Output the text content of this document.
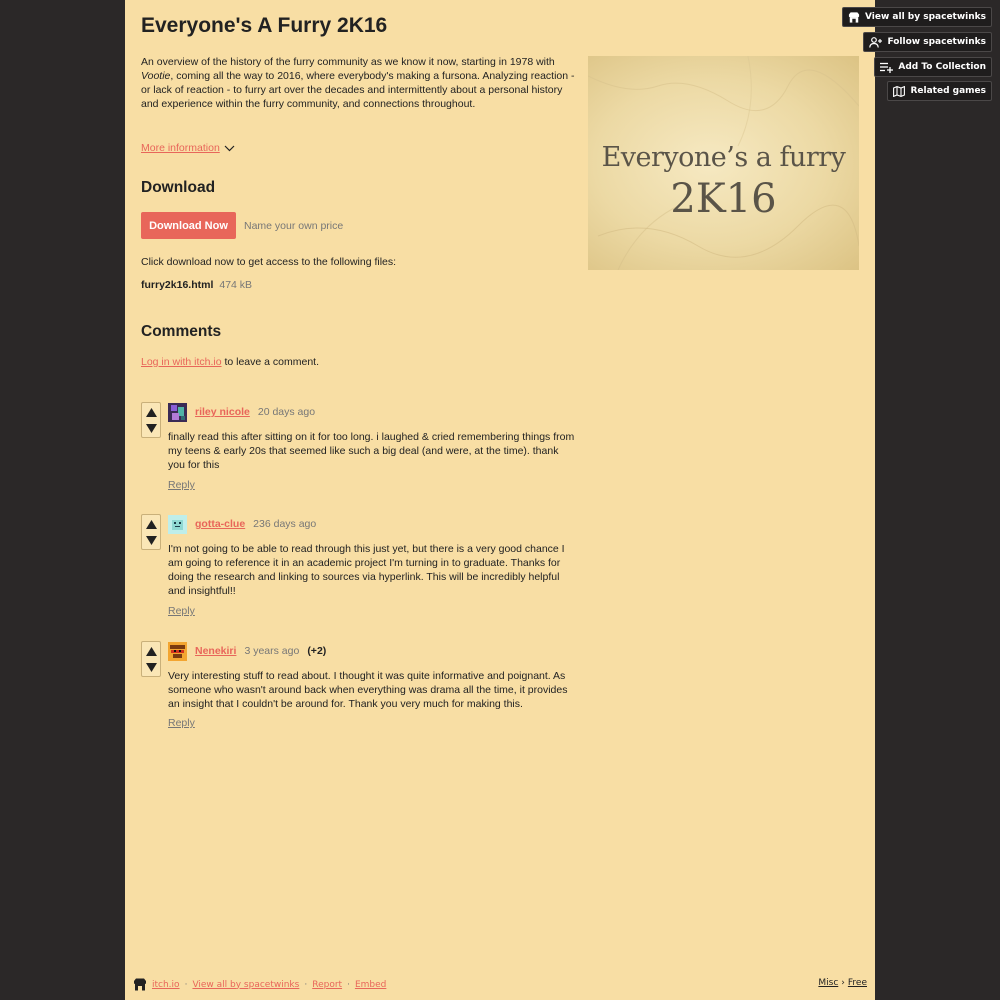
Everyone's A Furry 2K16
An overview of the history of the furry community as we know it now, starting in 1978 with Vootie, coming all the way to 2016, where everybody's making a fursona. Analyzing reaction - or lack of reaction - to furry art over the decades and intermittently about a personal history and experience within the furry community, and connections throughout.
More information	Everyone’s a furry
2K16
Download
Download Now	Name your own price
Click download now to get access to the following files:
furry2k16.html 474 kB
Comments
Log in with itch.io to leave a comment.
riley nicole 20 days ago
finally read this after sitting on it for too long. i laughed & cried remembering things from my teens & early 20s that seemed like such a big deal (and were, at the time). thank you for this
Reply
gotta-clue 236 days ago
I'm not going to be able to read through this just yet, but there is a very good chance I am going to reference it in an academic project I'm turning in to graduate. Thanks for doing the research and linking to sources via hyperlink. This will be incredibly helpful and insightful!!
Reply
Nenekiri 3 years ago (+2)
Very interesting stuff to read about. I thought it was quite informative and poignant. As someone who wasn't around back when everything was drama all the time, it provides an insight that I couldn't be around for. Thank you very much for making this.
Reply
itch.io · View all by spacetwinks · Report · Embed	Misc › Free
View all by spacetwinks
Follow spacetwinks
Add To Collection
Related games
